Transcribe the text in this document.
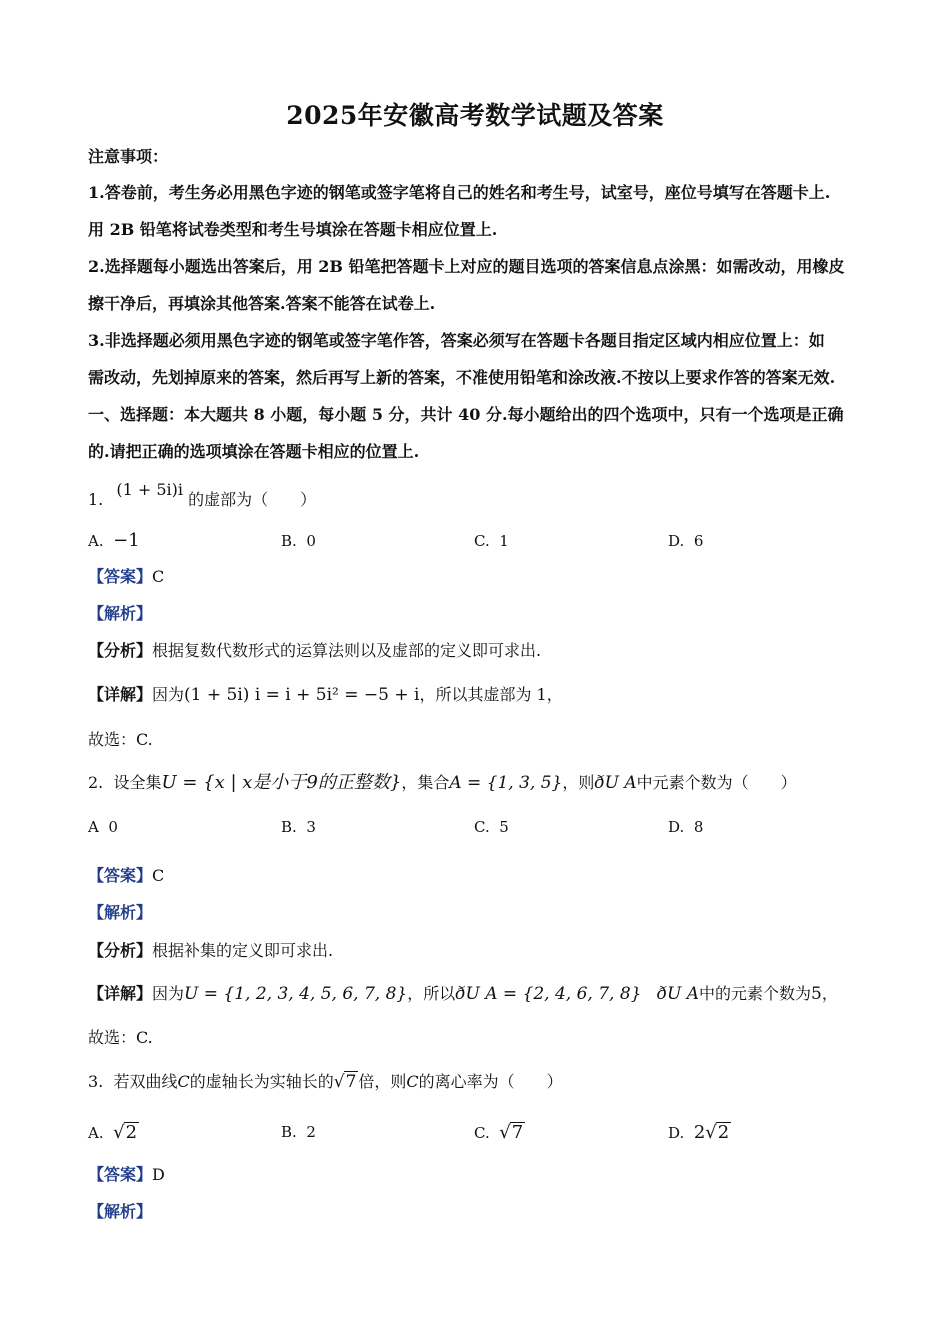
2025年安徽高考数学试题及答案
注意事项：
1.答卷前，考生务必用黑色字迹的钢笔或签字笔将自己的姓名和考生号，试室号，座位号填写在答题卡上.
用 2B 铅笔将试卷类型和考生号填涂在答题卡相应位置上.
2.选择题每小题选出答案后，用 2B 铅笔把答题卡上对应的题目选项的答案信息点涂黑：如需改动，用橡皮
擦干净后，再填涂其他答案.答案不能答在试卷上.
3.非选择题必须用黑色字迹的钢笔或签字笔作答，答案必须写在答题卡各题目指定区域内相应位置上：如
需改动，先划掉原来的答案，然后再写上新的答案，不准使用铅笔和涂改液.不按以上要求作答的答案无效.
一、选择题：本大题共 8 小题，每小题 5 分，共计 40 分.每小题给出的四个选项中，只有一个选项是正确
的.请把正确的选项填涂在答题卡相应的位置上.
1. (1 + 5i)i 的虚部为（　　）
A. −1	B. 0	C. 1	D. 6
【答案】C
【解析】
【分析】根据复数代数形式的运算法则以及虚部的定义即可求出.
【详解】因为(1 + 5i) i = i + 5i² = −5 + i，所以其虚部为 1，
故选：C.
2. 设全集U = {x | x是小于9的正整数}，集合A = {1, 3, 5}，则ðU A中元素个数为（　　）
A 0	B. 3	C. 5	D. 8
【答案】C
【解析】
【分析】根据补集的定义即可求出.
【详解】因为U = {1, 2, 3, 4, 5, 6, 7, 8}，所以ðU A = {2, 4, 6, 7, 8} ðU A中的元素个数为5，
故选：C.
3. 若双曲线C的虚轴长为实轴长的√7 倍，则C的离心率为（　　）
A. √2	B. 2	C. √7	D. 2√2
【答案】D
【解析】
